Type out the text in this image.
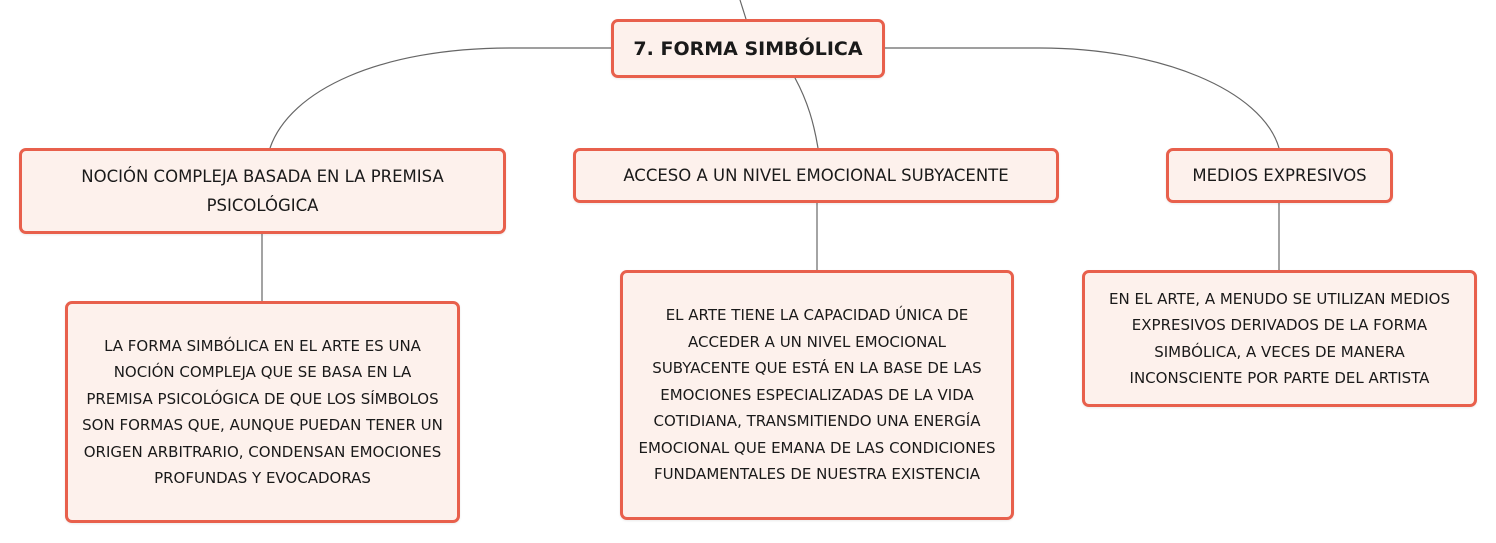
7. FORMA SIMBÓLICA
NOCIÓN COMPLEJA BASADA EN LA PREMISA PSICOLÓGICA
ACCESO A UN NIVEL EMOCIONAL SUBYACENTE	MEDIOS EXPRESIVOS
LA FORMA SIMBÓLICA EN EL ARTE ES UNA NOCIÓN COMPLEJA QUE SE BASA EN LA PREMISA PSICOLÓGICA DE QUE LOS SÍMBOLOS SON FORMAS QUE, AUNQUE PUEDAN TENER UN ORIGEN ARBITRARIO, CONDENSAN EMOCIONES PROFUNDAS Y EVOCADORAS
EL ARTE TIENE LA CAPACIDAD ÚNICA DE ACCEDER A UN NIVEL EMOCIONAL SUBYACENTE QUE ESTÁ EN LA BASE DE LAS EMOCIONES ESPECIALIZADAS DE LA VIDA COTIDIANA, TRANSMITIENDO UNA ENERGÍA EMOCIONAL QUE EMANA DE LAS CONDICIONES FUNDAMENTALES DE NUESTRA EXISTENCIA
EN EL ARTE, A MENUDO SE UTILIZAN MEDIOS EXPRESIVOS DERIVADOS DE LA FORMA SIMBÓLICA, A VECES DE MANERA INCONSCIENTE POR PARTE DEL ARTISTA
